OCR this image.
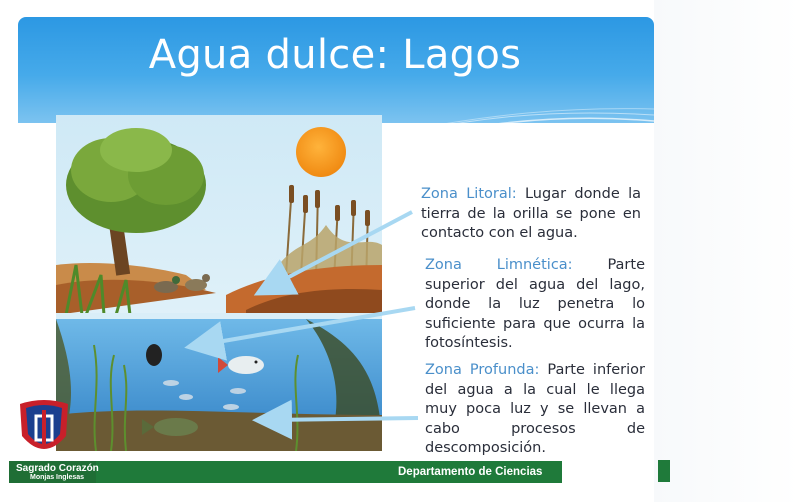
Agua dulce: Lagos
Zona Litoral: Lugar donde la tierra de la orilla se pone en contacto con el agua.
Zona Limnética: Parte superior del agua del lago, donde la luz penetra lo suficiente para que ocurra la fotosíntesis.
Zona Profunda: Parte inferior del agua a la cual le llega muy poca luz y se llevan a cabo procesos de descomposición.
Sagrado Corazón
Monjas Inglesas	Departamento de Ciencias
